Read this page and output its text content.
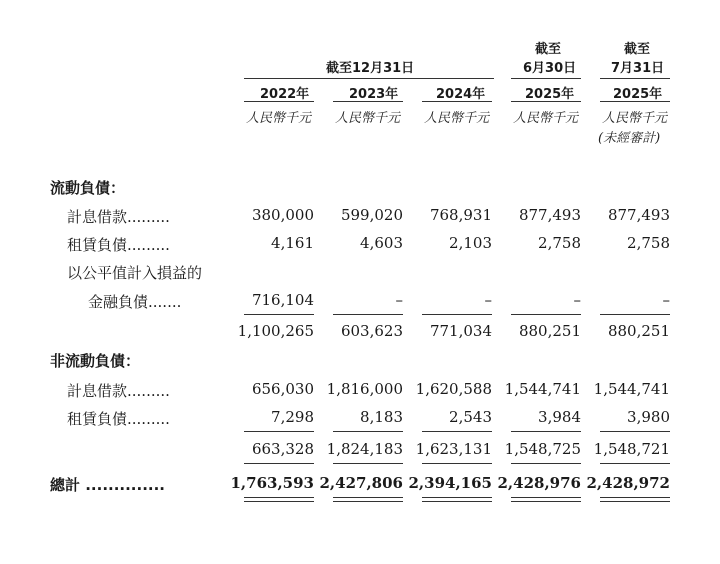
截至	截至
截至12月31日	6月30日	7月31日
2022年	2023年	2024年	2025年	2025年
人民幣千元 人民幣千元 人民幣千元 人民幣千元 人民幣千元
(未經審計)
流動負債：
計息借款.........	380,000	599,020	768,931	877,493	877,493
租賃負債.........	4,161	4,603	2,103	2,758	2,758
以公平值計入損益的
金融負債.......	716,104	–	–	–	–
1,100,265	603,623	771,034	880,251	880,251
非流動負債：
計息借款.........	656,030 1,816,000 1,620,588 1,544,741 1,544,741
租賃負債.........	7,298	8,183	2,543	3,984	3,980
663,328 1,824,183 1,623,131 1,548,725 1,548,721
總計 ..............	1,763,593 2,427,806 2,394,165 2,428,976 2,428,972
